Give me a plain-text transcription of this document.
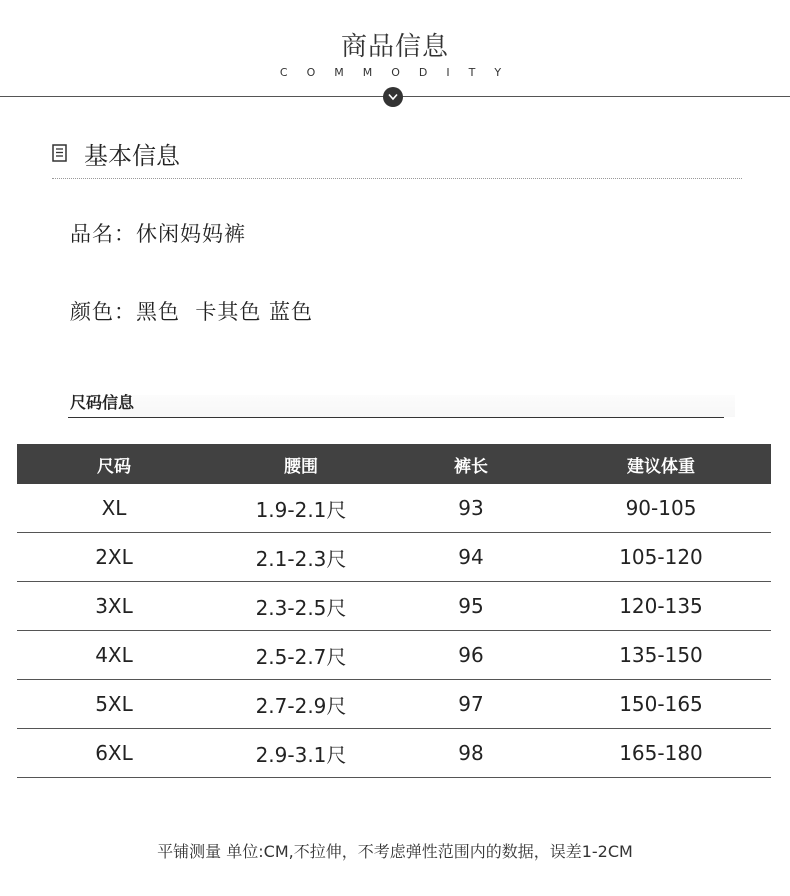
商品信息
COMMODITY
基本信息
品名：休闲妈妈裤
颜色：黑色  卡其色 蓝色
尺码信息
尺码	腰围	裤长	建议体重
XL	1.9-2.1尺	93	90-105
2XL	2.1-2.3尺	94	105-120
3XL	2.3-2.5尺	95	120-135
4XL	2.5-2.7尺	96	135-150
5XL	2.7-2.9尺	97	150-165
6XL	2.9-3.1尺	98	165-180
平铺测量 单位:CM,不拉伸，不考虑弹性范围内的数据，误差1-2CM
